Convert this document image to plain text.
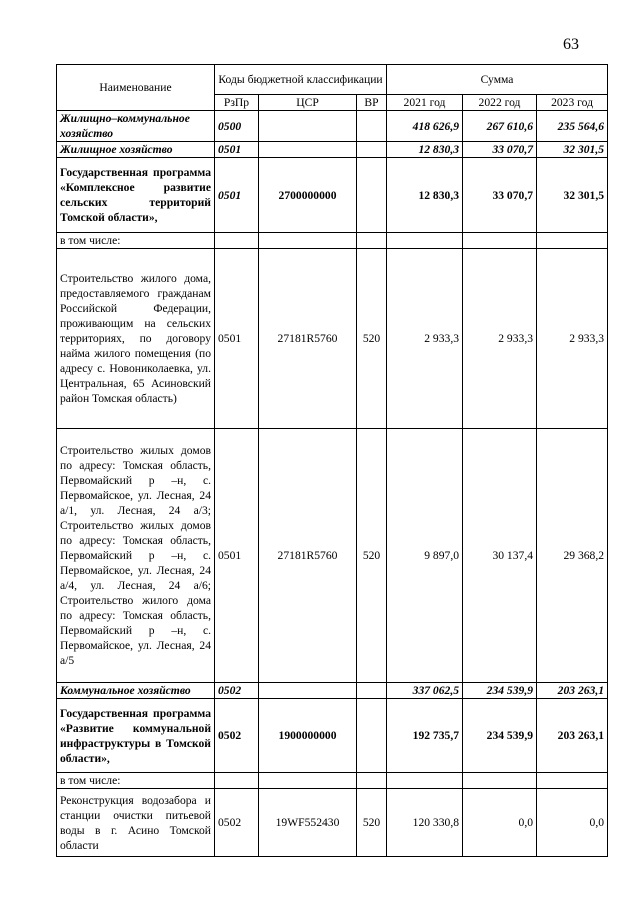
63
Наименование	Коды бюджетной классификации			Сумма		
	РзПр	ЦСР	ВР	2021 год	2022 год	2023 год
Жилищно–коммунальное хозяйство	0500			418 626,9	267 610,6	235 564,6
Жилищное хозяйство	0501			12 830,3	33 070,7	32 301,5
Государственная программа «Комплексное развитие сельских территорий Томской области»,	0501	2700000000		12 830,3	33 070,7	32 301,5
в том числе:						
Строительство жилого дома, предоставляемого гражданам Российской Федерации, проживающим на сельских территориях, по договору найма жилого помещения (по адресу с. Новониколаевка, ул. Центральная, 65 Асиновский район Томская область)	0501	27181R5760	520	2 933,3	2 933,3	2 933,3
Строительство жилых домов по адресу: Томская область, Первомайский р –н, с. Первомайское, ул. Лесная, 24 а/1, ул. Лесная, 24 а/3; Строительство жилых домов по адресу: Томская область, Первомайский р –н, с. Первомайское, ул. Лесная, 24 а/4, ул. Лесная, 24 а/6; Строительство жилого дома по адресу: Томская область, Первомайский р –н, с. Первомайское, ул. Лесная, 24 а/5	0501	27181R5760	520	9 897,0	30 137,4	29 368,2
Коммунальное хозяйство	0502			337 062,5	234 539,9	203 263,1
Государственная программа «Развитие коммунальной инфраструктуры в Томской области»,	0502	1900000000		192 735,7	234 539,9	203 263,1
в том числе:						
Реконструкция водозабора и станции очистки питьевой воды в г. Асино Томской области	0502	19WF552430	520	120 330,8	0,0	0,0
